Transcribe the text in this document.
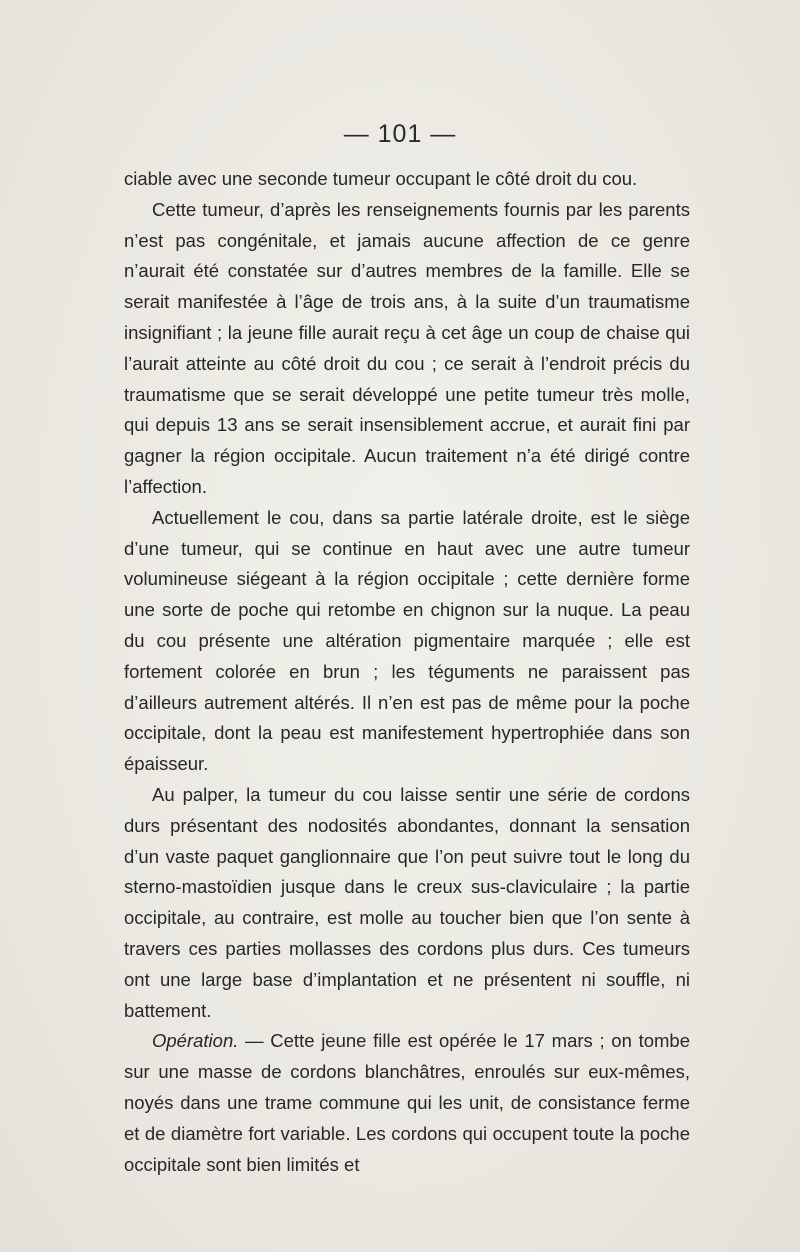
— 101 —

ciable avec une seconde tumeur occupant le côté droit du cou.

Cette tumeur, d’après les renseignements fournis par les parents n’est pas congénitale, et jamais aucune affection de ce genre n’aurait été constatée sur d’autres membres de la famille. Elle se serait manifestée à l’âge de trois ans, à la suite d’un traumatisme insignifiant ; la jeune fille aurait reçu à cet âge un coup de chaise qui l’aurait atteinte au côté droit du cou ; ce serait à l’endroit précis du traumatisme que se serait développé une petite tumeur très molle, qui depuis 13 ans se serait insensiblement accrue, et aurait fini par gagner la région occipitale. Aucun traitement n’a été dirigé contre l’affection.

Actuellement le cou, dans sa partie latérale droite, est le siège d’une tumeur, qui se continue en haut avec une autre tumeur volumineuse siégeant à la région occipitale ; cette dernière forme une sorte de poche qui retombe en chignon sur la nuque. La peau du cou présente une altération pigmentaire marquée ; elle est fortement colorée en brun ; les téguments ne paraissent pas d’ailleurs autrement altérés. Il n’en est pas de même pour la poche occipitale, dont la peau est manifestement hypertrophiée dans son épaisseur.

Au palper, la tumeur du cou laisse sentir une série de cordons durs présentant des nodosités abondantes, donnant la sensation d’un vaste paquet ganglionnaire que l’on peut suivre tout le long du sterno-mastoïdien jusque dans le creux sus-claviculaire ; la partie occipitale, au contraire, est molle au toucher bien que l’on sente à travers ces parties mollasses des cordons plus durs. Ces tumeurs ont une large base d’implantation et ne présentent ni souffle, ni battement.

Opération. — Cette jeune fille est opérée le 17 mars ; on tombe sur une masse de cordons blanchâtres, enroulés sur eux-mêmes, noyés dans une trame commune qui les unit, de consistance ferme et de diamètre fort variable. Les cordons qui occupent toute la poche occipitale sont bien limités et
